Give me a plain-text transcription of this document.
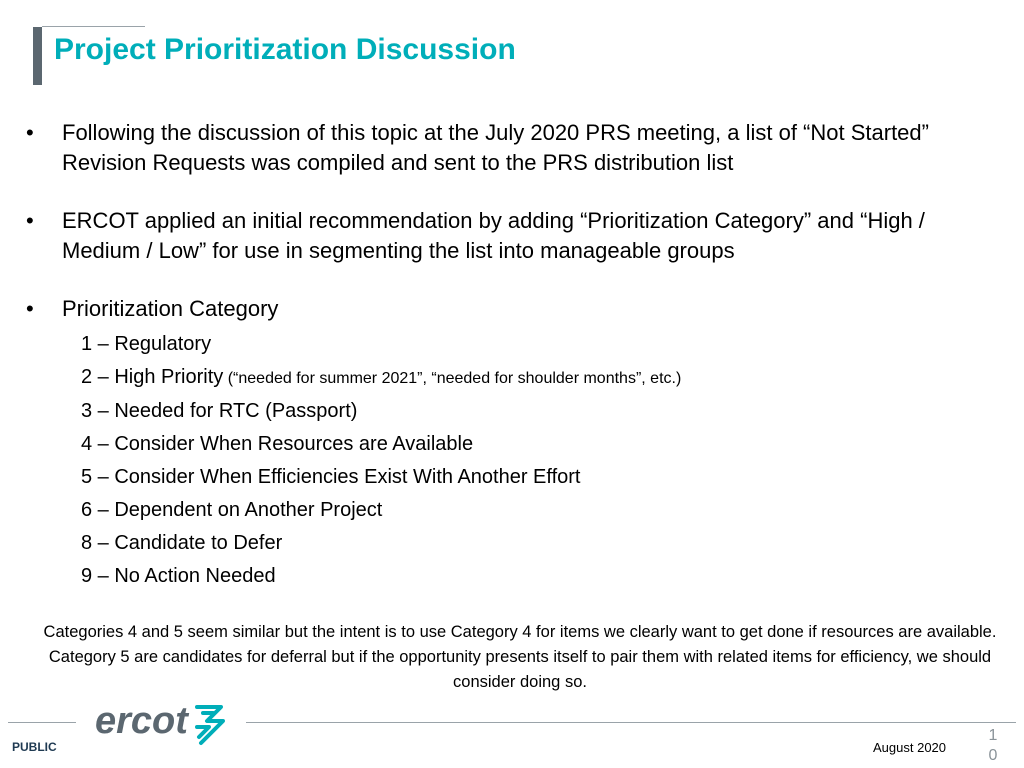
Project Prioritization Discussion
• Following the discussion of this topic at the July 2020 PRS meeting, a list of “Not Started” Revision Requests was compiled and sent to the PRS distribution list
• ERCOT applied an initial recommendation by adding “Prioritization Category” and “High / Medium / Low” for use in segmenting the list into manageable groups
• Prioritization Category
1 – Regulatory
2 – High Priority (“needed for summer 2021”, “needed for shoulder months”, etc.)
3 – Needed for RTC (Passport)
4 – Consider When Resources are Available
5 – Consider When Efficiencies Exist With Another Effort
6 – Dependent on Another Project
8 – Candidate to Defer
9 – No Action Needed
Categories 4 and 5 seem similar but the intent is to use Category 4 for items we clearly want to get done if resources are available. Category 5 are candidates for deferral but if the opportunity presents itself to pair them with related items for efficiency, we should consider doing so.
ercot
PUBLIC	August 2020
10
